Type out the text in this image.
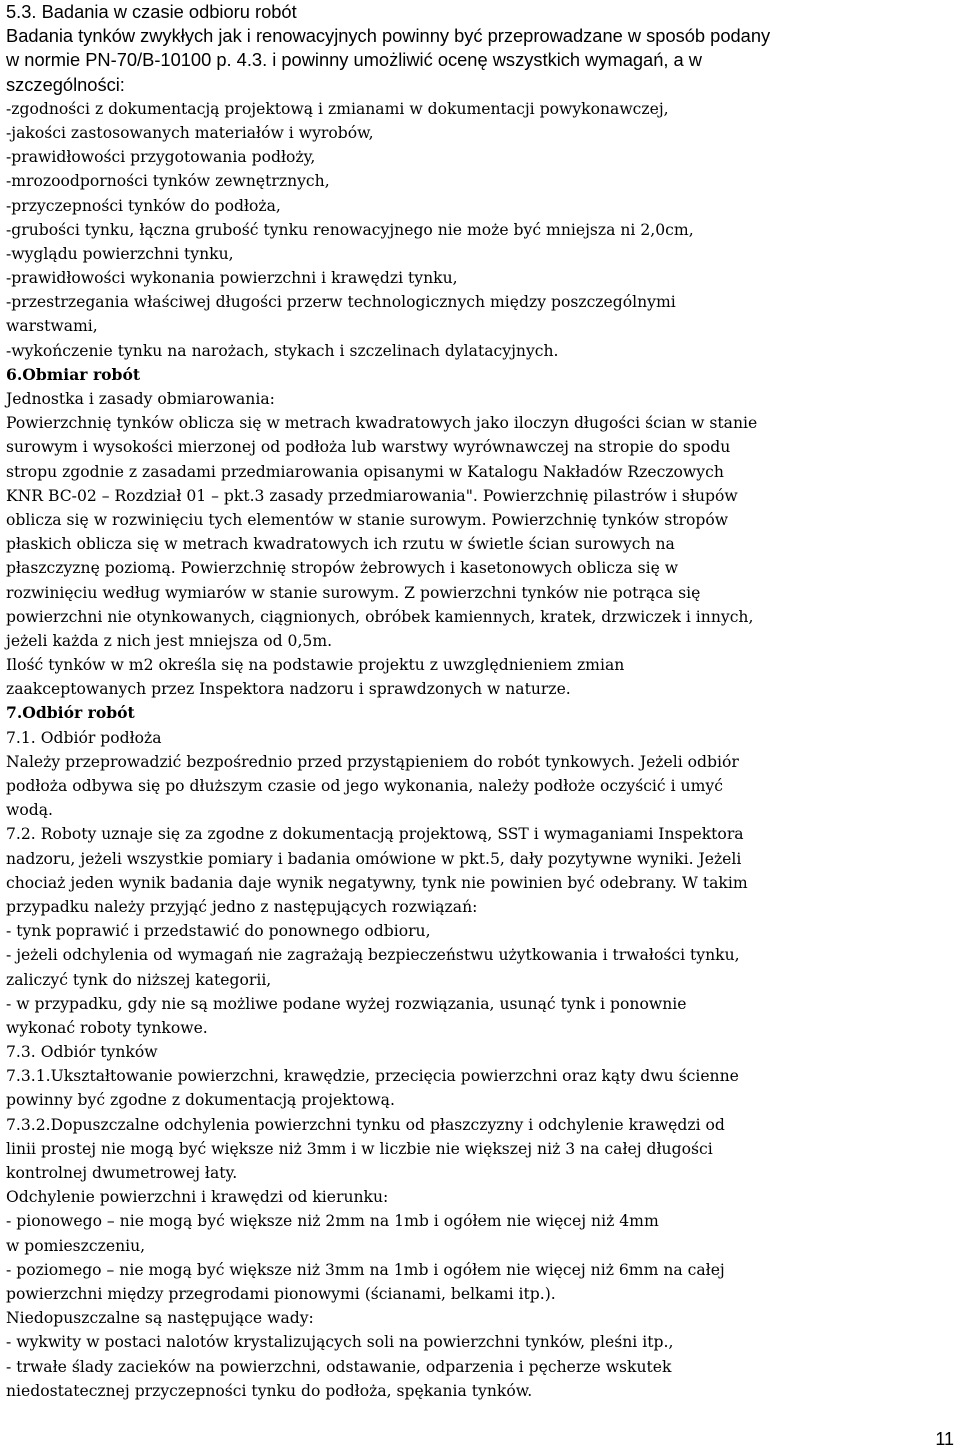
5.3. Badania w czasie odbioru robót
Badania tynków zwykłych jak i renowacyjnych powinny być przeprowadzane w sposób podany
w normie PN-70/B-10100 p. 4.3. i powinny umożliwić ocenę wszystkich wymagań, a w
szczególności:
-zgodności z dokumentacją projektową i zmianami w dokumentacji powykonawczej,
-jakości zastosowanych materiałów i wyrobów,
-prawidłowości przygotowania podłoży,
-mrozoodporności tynków zewnętrznych,
-przyczepności tynków do podłoża,
-grubości tynku, łączna grubość tynku renowacyjnego nie może być mniejsza ni 2,0cm,
-wyglądu powierzchni tynku,
-prawidłowości wykonania powierzchni i krawędzi tynku,
-przestrzegania właściwej długości przerw technologicznych między poszczególnymi
warstwami,
-wykończenie tynku na narożach, stykach i szczelinach dylatacyjnych.
6.Obmiar robót
Jednostka i zasady obmiarowania:
Powierzchnię tynków oblicza się w metrach kwadratowych jako iloczyn długości ścian w stanie
surowym i wysokości mierzonej od podłoża lub warstwy wyrównawczej na stropie do spodu
stropu zgodnie z zasadami przedmiarowania opisanymi w Katalogu Nakładów Rzeczowych
KNR BC-02 – Rozdział 01 – pkt.3 zasady przedmiarowania". Powierzchnię pilastrów i słupów
oblicza się w rozwinięciu tych elementów w stanie surowym. Powierzchnię tynków stropów
płaskich oblicza się w metrach kwadratowych ich rzutu w świetle ścian surowych na
płaszczyznę poziomą. Powierzchnię stropów żebrowych i kasetonowych oblicza się w
rozwinięciu według wymiarów w stanie surowym. Z powierzchni tynków nie potrąca się
powierzchni nie otynkowanych, ciągnionych, obróbek kamiennych, kratek, drzwiczek i innych,
jeżeli każda z nich jest mniejsza od 0,5m.
Ilość tynków w m2 określa się na podstawie projektu z uwzględnieniem zmian
zaakceptowanych przez Inspektora nadzoru i sprawdzonych w naturze.
7.Odbiór robót
7.1. Odbiór podłoża
Należy przeprowadzić bezpośrednio przed przystąpieniem do robót tynkowych. Jeżeli odbiór
podłoża odbywa się po dłuższym czasie od jego wykonania, należy podłoże oczyścić i umyć
wodą.
7.2. Roboty uznaje się za zgodne z dokumentacją projektową, SST i wymaganiami Inspektora
nadzoru, jeżeli wszystkie pomiary i badania omówione w pkt.5, dały pozytywne wyniki. Jeżeli
chociaż jeden wynik badania daje wynik negatywny, tynk nie powinien być odebrany. W takim
przypadku należy przyjąć jedno z następujących rozwiązań:
- tynk poprawić i przedstawić do ponownego odbioru,
- jeżeli odchylenia od wymagań nie zagrażają bezpieczeństwu użytkowania i trwałości tynku,
zaliczyć tynk do niższej kategorii,
- w przypadku, gdy nie są możliwe podane wyżej rozwiązania, usunąć tynk i ponownie
wykonać roboty tynkowe.
7.3. Odbiór tynków
7.3.1.Ukształtowanie powierzchni, krawędzie, przecięcia powierzchni oraz kąty dwu ścienne
powinny być zgodne z dokumentacją projektową.
7.3.2.Dopuszczalne odchylenia powierzchni tynku od płaszczyzny i odchylenie krawędzi od
linii prostej nie mogą być większe niż 3mm i w liczbie nie większej niż 3 na całej długości
kontrolnej dwumetrowej łaty.
Odchylenie powierzchni i krawędzi od kierunku:
- pionowego – nie mogą być większe niż 2mm na 1mb i ogółem nie więcej niż 4mm
w pomieszczeniu,
- poziomego – nie mogą być większe niż 3mm na 1mb i ogółem nie więcej niż 6mm na całej
powierzchni między przegrodami pionowymi (ścianami, belkami itp.).
Niedopuszczalne są następujące wady:
- wykwity w postaci nalotów krystalizujących soli na powierzchni tynków, pleśni itp.,
- trwałe ślady zacieków na powierzchni, odstawanie, odparzenia i pęcherze wskutek
niedostatecznej przyczepności tynku do podłoża, spękania tynków.
11
